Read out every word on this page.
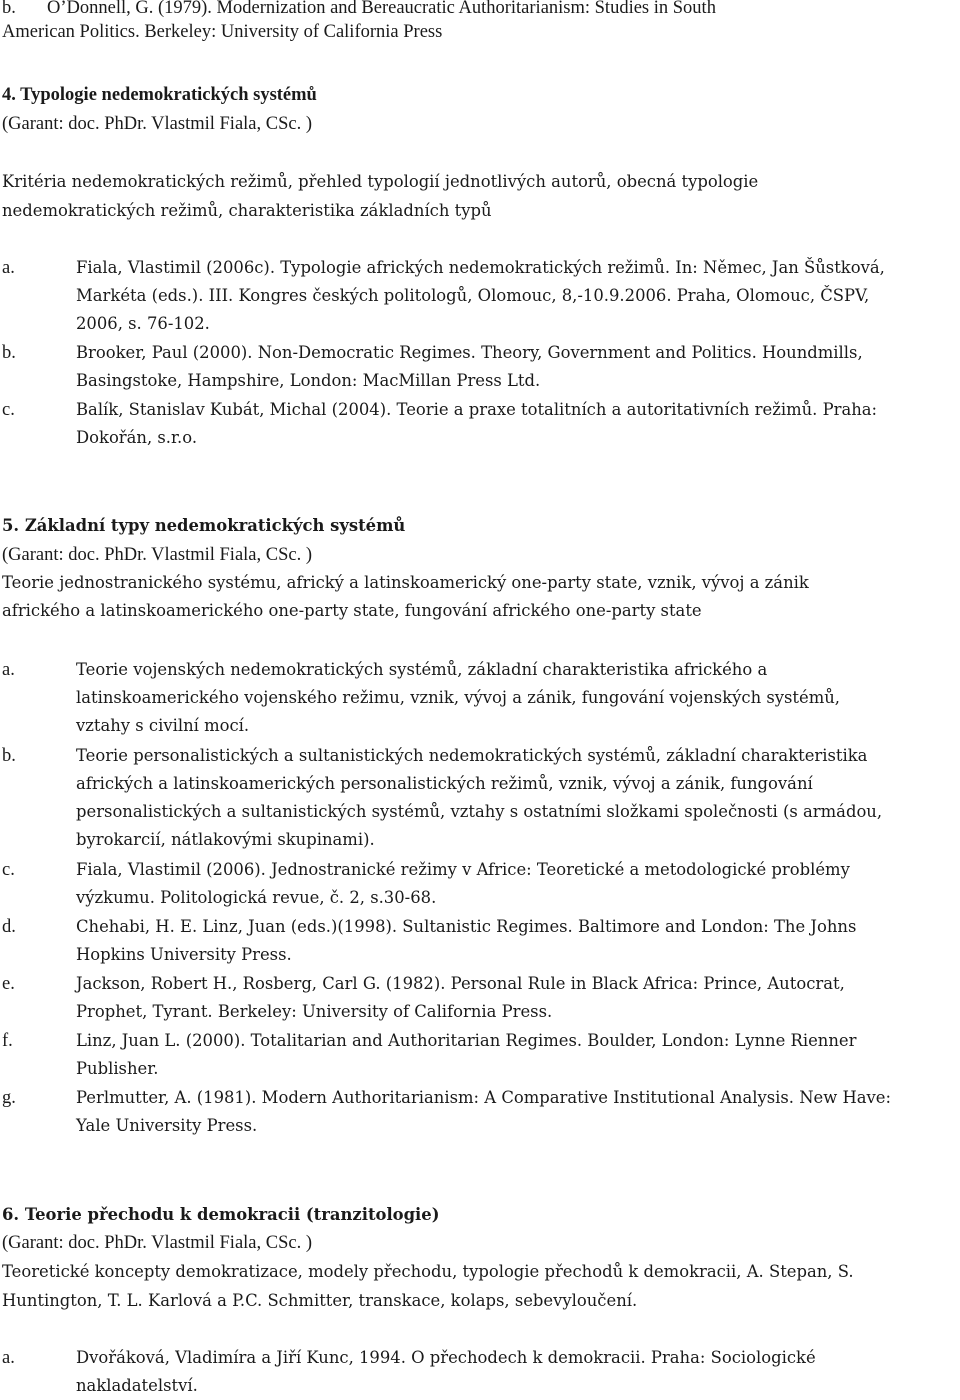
b.	O’Donnell, G. (1979). Modernization and Bereaucratic Authoritarianism: Studies in South
American Politics. Berkeley: University of California Press
4. Typologie nedemokratických systémů
(Garant: doc. PhDr. Vlastmil Fiala, CSc. )
Kritéria nedemokratických režimů, přehled typologií jednotlivých autorů, obecná typologie
nedemokratických režimů, charakteristika základních typů
a.	Fiala, Vlastimil (2006c). Typologie afrických nedemokratických režimů. In: Němec, Jan Šůstková,
Markéta (eds.). III. Kongres českých politologů, Olomouc, 8,-10.9.2006. Praha, Olomouc, ČSPV,
2006, s. 76-102.
b.	Brooker, Paul (2000). Non-Democratic Regimes. Theory, Government and Politics. Houndmills,
Basingstoke, Hampshire, London: MacMillan Press Ltd.
c.	Balík, Stanislav Kubát, Michal (2004). Teorie a praxe totalitních a autoritativních režimů. Praha:
Dokořán, s.r.o.
5. Základní typy nedemokratických systémů
(Garant: doc. PhDr. Vlastmil Fiala, CSc. )
Teorie jednostranického systému, africký a latinskoamerický one-party state, vznik, vývoj a zánik
afrického a latinskoamerického one-party state, fungování afrického one-party state
a.	Teorie vojenských nedemokratických systémů, základní charakteristika afrického a
latinskoamerického vojenského režimu, vznik, vývoj a zánik, fungování vojenských systémů,
vztahy s civilní mocí.
b.	Teorie personalistických a sultanistických nedemokratických systémů, základní charakteristika
afrických a latinskoamerických personalistických režimů, vznik, vývoj a zánik, fungování
personalistických a sultanistických systémů, vztahy s ostatními složkami společnosti (s armádou,
byrokarcií, nátlakovými skupinami).
c.	Fiala, Vlastimil (2006). Jednostranické režimy v Africe: Teoretické a metodologické problémy
výzkumu. Politologická revue, č. 2, s.30-68.
d.	Chehabi, H. E. Linz, Juan (eds.)(1998). Sultanistic Regimes. Baltimore and London: The Johns
Hopkins University Press.
e.	Jackson, Robert H., Rosberg, Carl G. (1982). Personal Rule in Black Africa: Prince, Autocrat,
Prophet, Tyrant. Berkeley: University of California Press.
f.	Linz, Juan L. (2000). Totalitarian and Authoritarian Regimes. Boulder, London: Lynne Rienner
Publisher.
g.	Perlmutter, A. (1981). Modern Authoritarianism: A Comparative Institutional Analysis. New Have:
Yale University Press.
6. Teorie přechodu k demokracii (tranzitologie)
(Garant: doc. PhDr. Vlastmil Fiala, CSc. )
Teoretické koncepty demokratizace, modely přechodu, typologie přechodů k demokracii, A. Stepan, S.
Huntington, T. L. Karlová a P.C. Schmitter, transkace, kolaps, sebevyloučení.
a.	Dvořáková, Vladimíra a Jiří Kunc, 1994. O přechodech k demokracii. Praha: Sociologické
nakladatelství.
